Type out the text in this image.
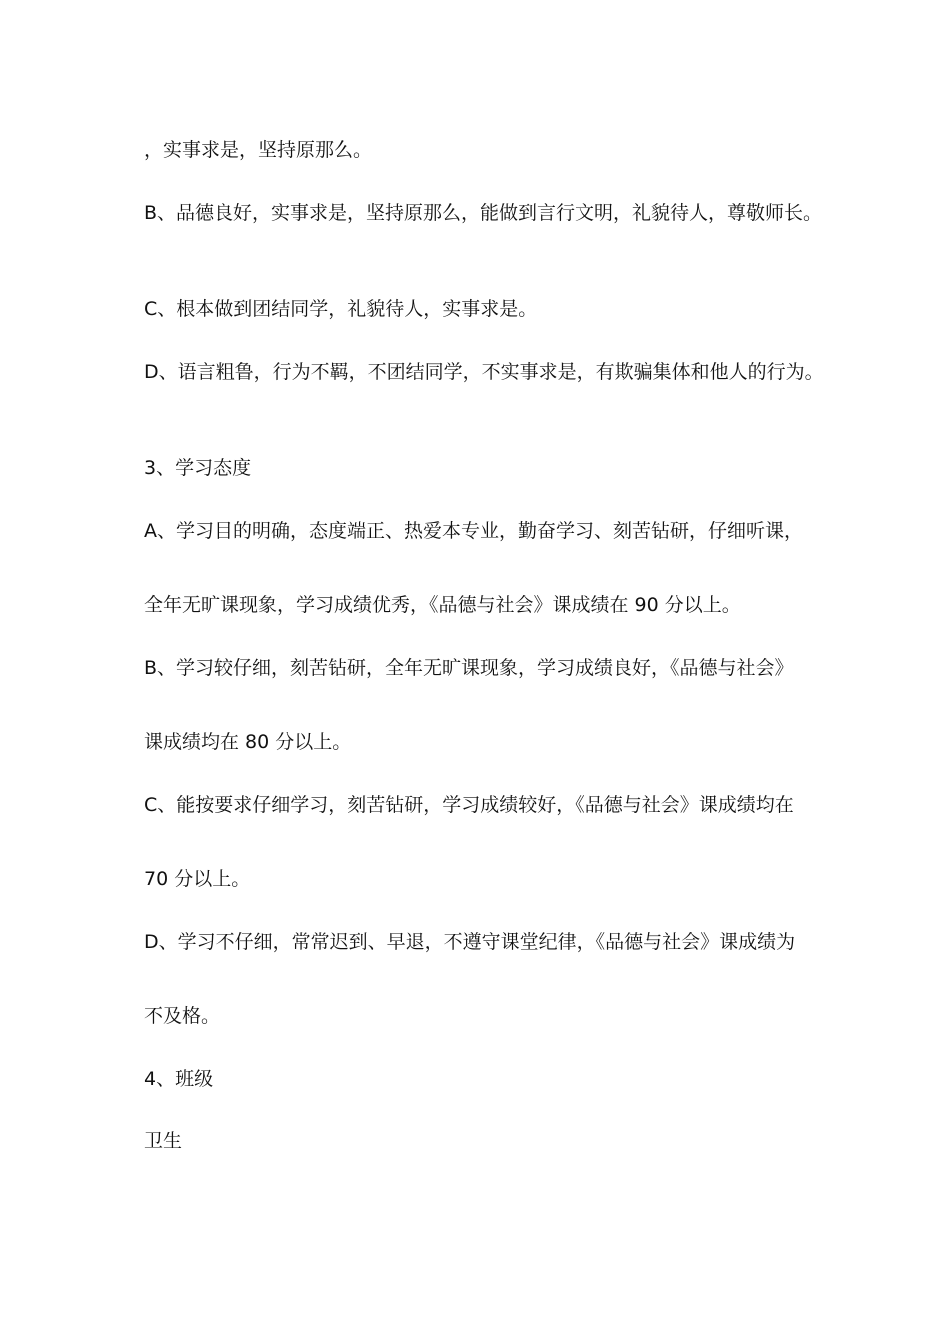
，实事求是，坚持原那么。
B、品德良好，实事求是，坚持原那么，能做到言行文明，礼貌待人，尊敬师长。
C、根本做到团结同学，礼貌待人，实事求是。
D、语言粗鲁，行为不羁，不团结同学，不实事求是，有欺骗集体和他人的行为。
3、学习态度
A、学习目的明确，态度端正、热爱本专业，勤奋学习、刻苦钻研，仔细听课，
全年无旷课现象，学习成绩优秀，《品德与社会》课成绩在 90 分以上。
B、学习较仔细，刻苦钻研，全年无旷课现象，学习成绩良好，《品德与社会》
课成绩均在 80 分以上。
C、能按要求仔细学习，刻苦钻研，学习成绩较好，《品德与社会》课成绩均在
70 分以上。
D、学习不仔细，常常迟到、早退，不遵守课堂纪律，《品德与社会》课成绩为
不及格。
4、班级
卫生
